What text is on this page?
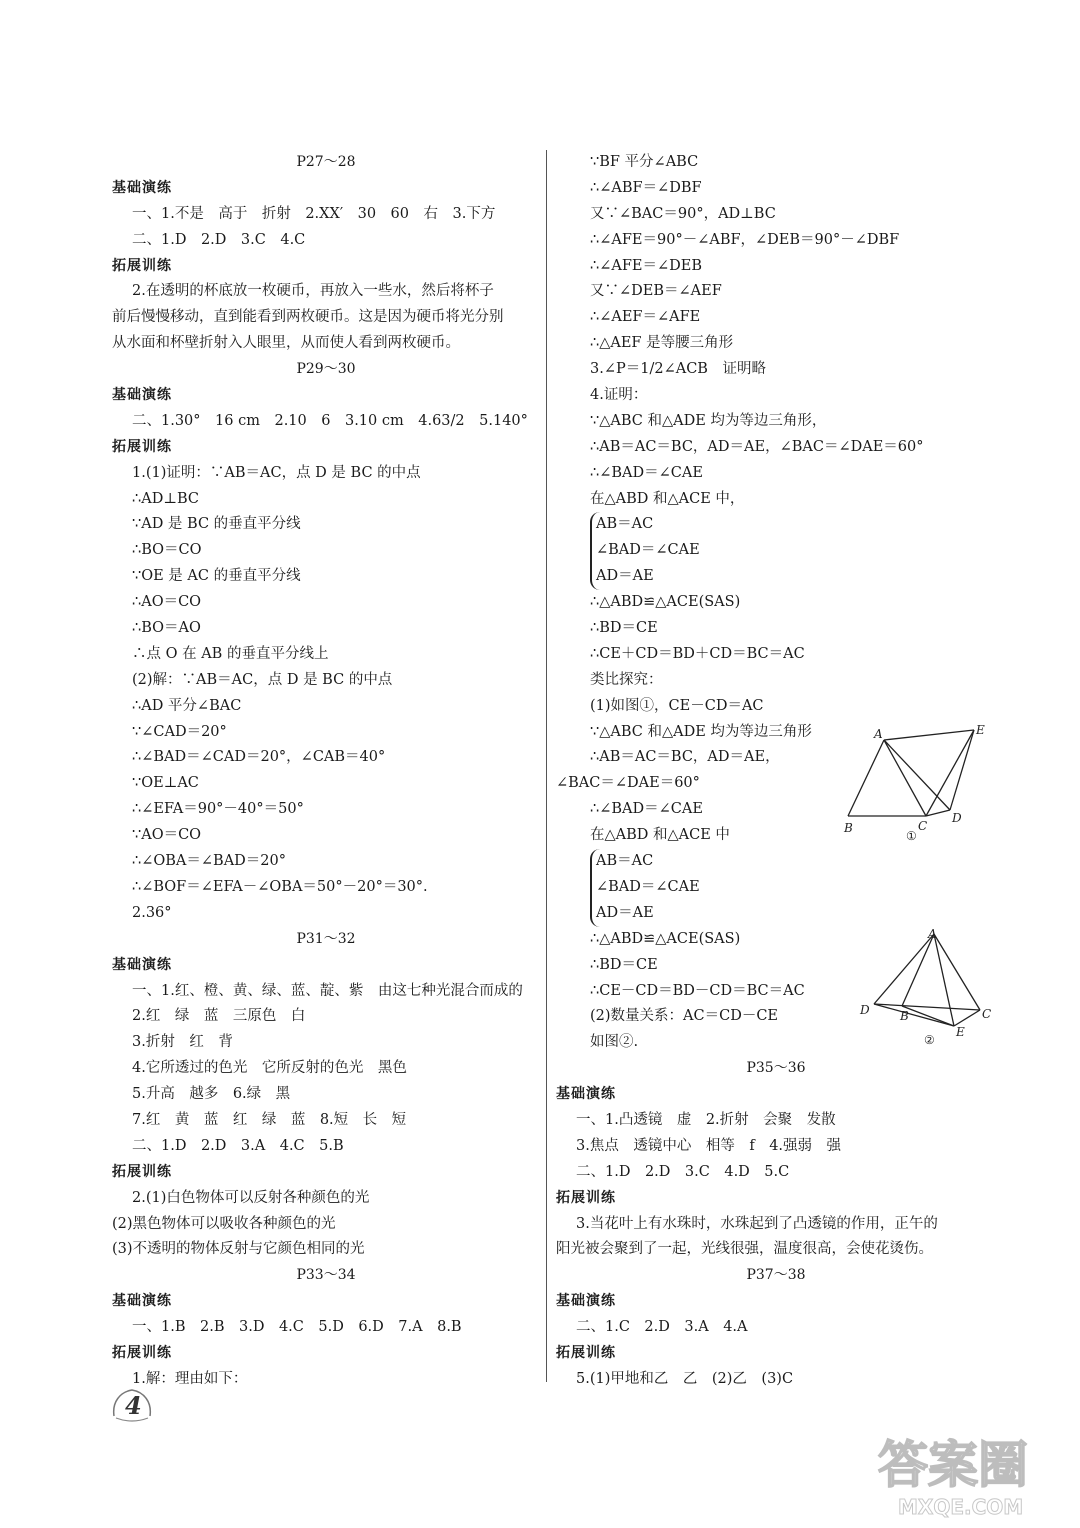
P27～28
基础演练
一、1.不是　高于　折射　2.XX′　30　60　右　3.下方
二、1.D　2.D　3.C　4.C
拓展训练
2.在透明的杯底放一枚硬币，再放入一些水，然后将杯子
前后慢慢移动，直到能看到两枚硬币。这是因为硬币将光分别
从水面和杯壁折射入人眼里，从而使人看到两枚硬币。
P29～30
基础演练
二、1.30°　16 cm　2.10　6　3.10 cm　4.63/2　5.140°
拓展训练
1.(1)证明：∵AB＝AC，点 D 是 BC 的中点
∴AD⊥BC
∵AD 是 BC 的垂直平分线
∴BO＝CO
∵OE 是 AC 的垂直平分线
∴AO＝CO
∴BO＝AO
∴点 O 在 AB 的垂直平分线上
(2)解：∵AB＝AC，点 D 是 BC 的中点
∴AD 平分∠BAC
∵∠CAD＝20°
∴∠BAD＝∠CAD＝20°，∠CAB＝40°
∵OE⊥AC
∴∠EFA＝90°－40°＝50°
∵AO＝CO
∴∠OBA＝∠BAD＝20°
∴∠BOF＝∠EFA－∠OBA＝50°－20°＝30°.
2.36°
P31～32
基础演练
一、1.红、橙、黄、绿、蓝、靛、紫　由这七种光混合而成的
2.红　绿　蓝　三原色　白
3.折射　红　背
4.它所透过的色光　它所反射的色光　黑色
5.升高　越多　6.绿　黑
7.红　黄　蓝　红　绿　蓝　8.短　长　短
二、1.D　2.D　3.A　4.C　5.B
拓展训练
2.(1)白色物体可以反射各种颜色的光
(2)黑色物体可以吸收各种颜色的光
(3)不透明的物体反射与它颜色相同的光
P33～34
基础演练
一、1.B　2.B　3.D　4.C　5.D　6.D　7.A　8.B
拓展训练
1.解：理由如下：
∵BF 平分∠ABC
∴∠ABF＝∠DBF
又∵∠BAC＝90°，AD⊥BC
∴∠AFE＝90°－∠ABF，∠DEB＝90°－∠DBF
∴∠AFE＝∠DEB
又∵∠DEB＝∠AEF
∴∠AEF＝∠AFE
∴△AEF 是等腰三角形
3.∠P＝1/2∠ACB　证明略
4.证明：
∵△ABC 和△ADE 均为等边三角形，
∴AB＝AC＝BC，AD＝AE，∠BAC＝∠DAE＝60°
∴∠BAD＝∠CAE
在△ABD 和△ACE 中，
AB＝AC
∠BAD＝∠CAE
AD＝AE
∴△ABD≌△ACE(SAS)
∴BD＝CE
∴CE＋CD＝BD＋CD＝BC＝AC
类比探究：
(1)如图①，CE－CD＝AC
∵△ABC 和△ADE 均为等边三角形
∴AB＝AC＝BC，AD＝AE，
∠BAC＝∠DAE＝60°
∴∠BAD＝∠CAE
在△ABD 和△ACE 中
AB＝AC
∠BAD＝∠CAE
AD＝AE
∴△ABD≌△ACE(SAS)
∴BD＝CE
∴CE－CD＝BD－CD＝BC＝AC
(2)数量关系：AC＝CD－CE
如图②.
P35～36
基础演练
一、1.凸透镜　虚　2.折射　会聚　发散
3.焦点　透镜中心　相等　f　4.强弱　强
二、1.D　2.D　3.C　4.D　5.C
拓展训练
3.当花叶上有水珠时，水珠起到了凸透镜的作用，正午的
阳光被会聚到了一起，光线很强，温度很高，会使花烫伤。
P37～38
基础演练
二、1.C　2.D　3.A　4.A
拓展训练
5.(1)甲地和乙　乙　(2)乙　(3)C
A	E
B	C
D
①
A
D	B	C
E
②
4
答案圈
MXQE.COM
